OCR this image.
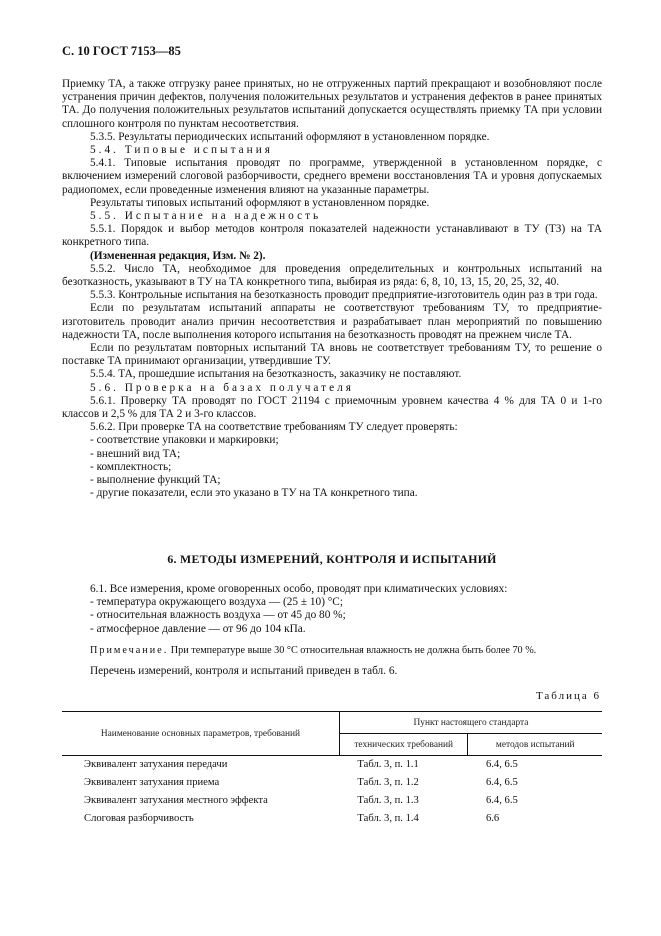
С. 10 ГОСТ 7153—85

Приемку ТА, а также отгрузку ранее принятых, но не отгруженных партий прекращают и возобновляют после устранения причин дефектов, получения положительных результатов и устранения дефектов в ранее принятых ТА. До получения положительных результатов испытаний допускается осуществлять приемку ТА при условии сплошного контроля по пунктам несоответствия.

5.3.5. Результаты периодических испытаний оформляют в установленном порядке.

5.4. Типовые испытания

5.4.1. Типовые испытания проводят по программе, утвержденной в установленном порядке, с включением измерений слоговой разборчивости, среднего времени восстановления ТА и уровня допускаемых радиопомех, если проведенные изменения влияют на указанные параметры.

Результаты типовых испытаний оформляют в установленном порядке.

5.5. Испытание на надежность

5.5.1. Порядок и выбор методов контроля показателей надежности устанавливают в ТУ (ТЗ) на ТА конкретного типа.

(Измененная редакция, Изм. № 2).

5.5.2. Число ТА, необходимое для проведения определительных и контрольных испытаний на безотказность, указывают в ТУ на ТА конкретного типа, выбирая из ряда: 6, 8, 10, 13, 15, 20, 25, 32, 40.

5.5.3. Контрольные испытания на безотказность проводит предприятие-изготовитель один раз в три года.

Если по результатам испытаний аппараты не соответствуют требованиям ТУ, то предприятие-изготовитель проводит анализ причин несоответствия и разрабатывает план мероприятий по повышению надежности ТА, после выполнения которого испытания на безотказность проводят на прежнем числе ТА.

Если по результатам повторных испытаний ТА вновь не соответствует требованиям ТУ, то решение о поставке ТА принимают организации, утвердившие ТУ.

5.5.4. ТА, прошедшие испытания на безотказность, заказчику не поставляют.

5.6. Проверка на базах получателя

5.6.1. Проверку ТА проводят по ГОСТ 21194 с приемочным уровнем качества 4 % для ТА 0 и 1-го классов и 2,5 % для ТА 2 и 3-го классов.

5.6.2. При проверке ТА на соответствие требованиям ТУ следует проверять:

- соответствие упаковки и маркировки;

- внешний вид ТА;

- комплектность;

- выполнение функций ТА;

- другие показатели, если это указано в ТУ на ТА конкретного типа.

6. МЕТОДЫ ИЗМЕРЕНИЙ, КОНТРОЛЯ И ИСПЫТАНИЙ

6.1. Все измерения, кроме оговоренных особо, проводят при климатических условиях:

- температура окружающего воздуха — (25 ± 10) °С;

- относительная влажность воздуха — от 45 до 80 %;

- атмосферное давление — от 96 до 104 кПа.

Примечание. При температуре выше 30 °С относительная влажность не должна быть более 70 %.
Перечень измерений, контроля и испытаний приведен в табл. 6.
Таблица 6
Наименование основных параметров, требований	Пункт настоящего стандарта	
	технических требований	методов испытаний
Эквивалент затухания передачи	Табл. 3, п. 1.1	6.4, 6.5
Эквивалент затухания приема	Табл. 3, п. 1.2	6.4, 6.5
Эквивалент затухания местного эффекта	Табл. 3, п. 1.3	6.4, 6.5
Слоговая разборчивость	Табл. 3, п. 1.4	6.6
